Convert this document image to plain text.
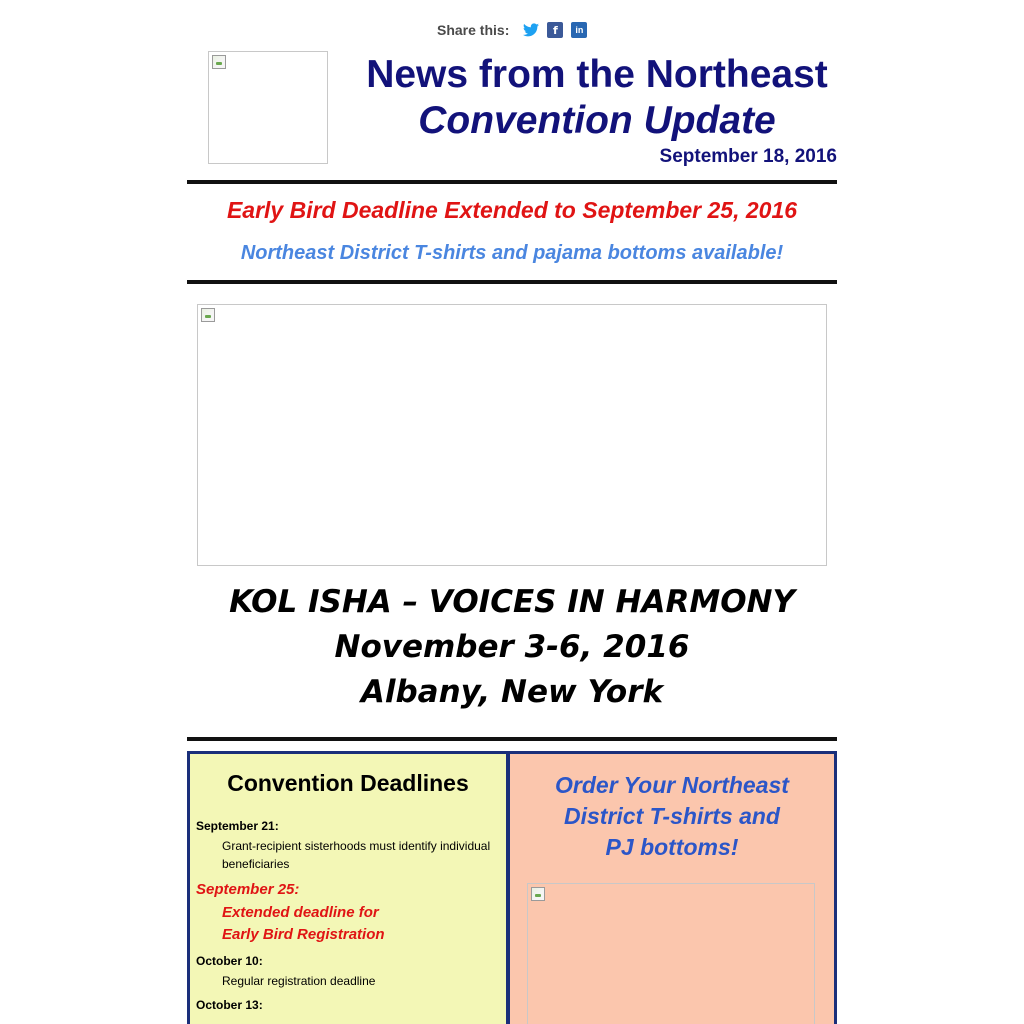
Share this:	f	in
News from the Northeast
Convention Update
September 18, 2016
Early Bird Deadline Extended to September 25, 2016
Northeast District T-shirts and pajama bottoms available!
KOL ISHA – VOICES IN HARMONY
November 3-6, 2016
Albany, New York
Convention Deadlines
September 21:
Grant-recipient sisterhoods must identify individual beneficiaries
September 25:
Extended deadline for
Early Bird Registration
October 10:
Regular registration deadline
October 13:
Order Your Northeast
District T-shirts and
PJ bottoms!
